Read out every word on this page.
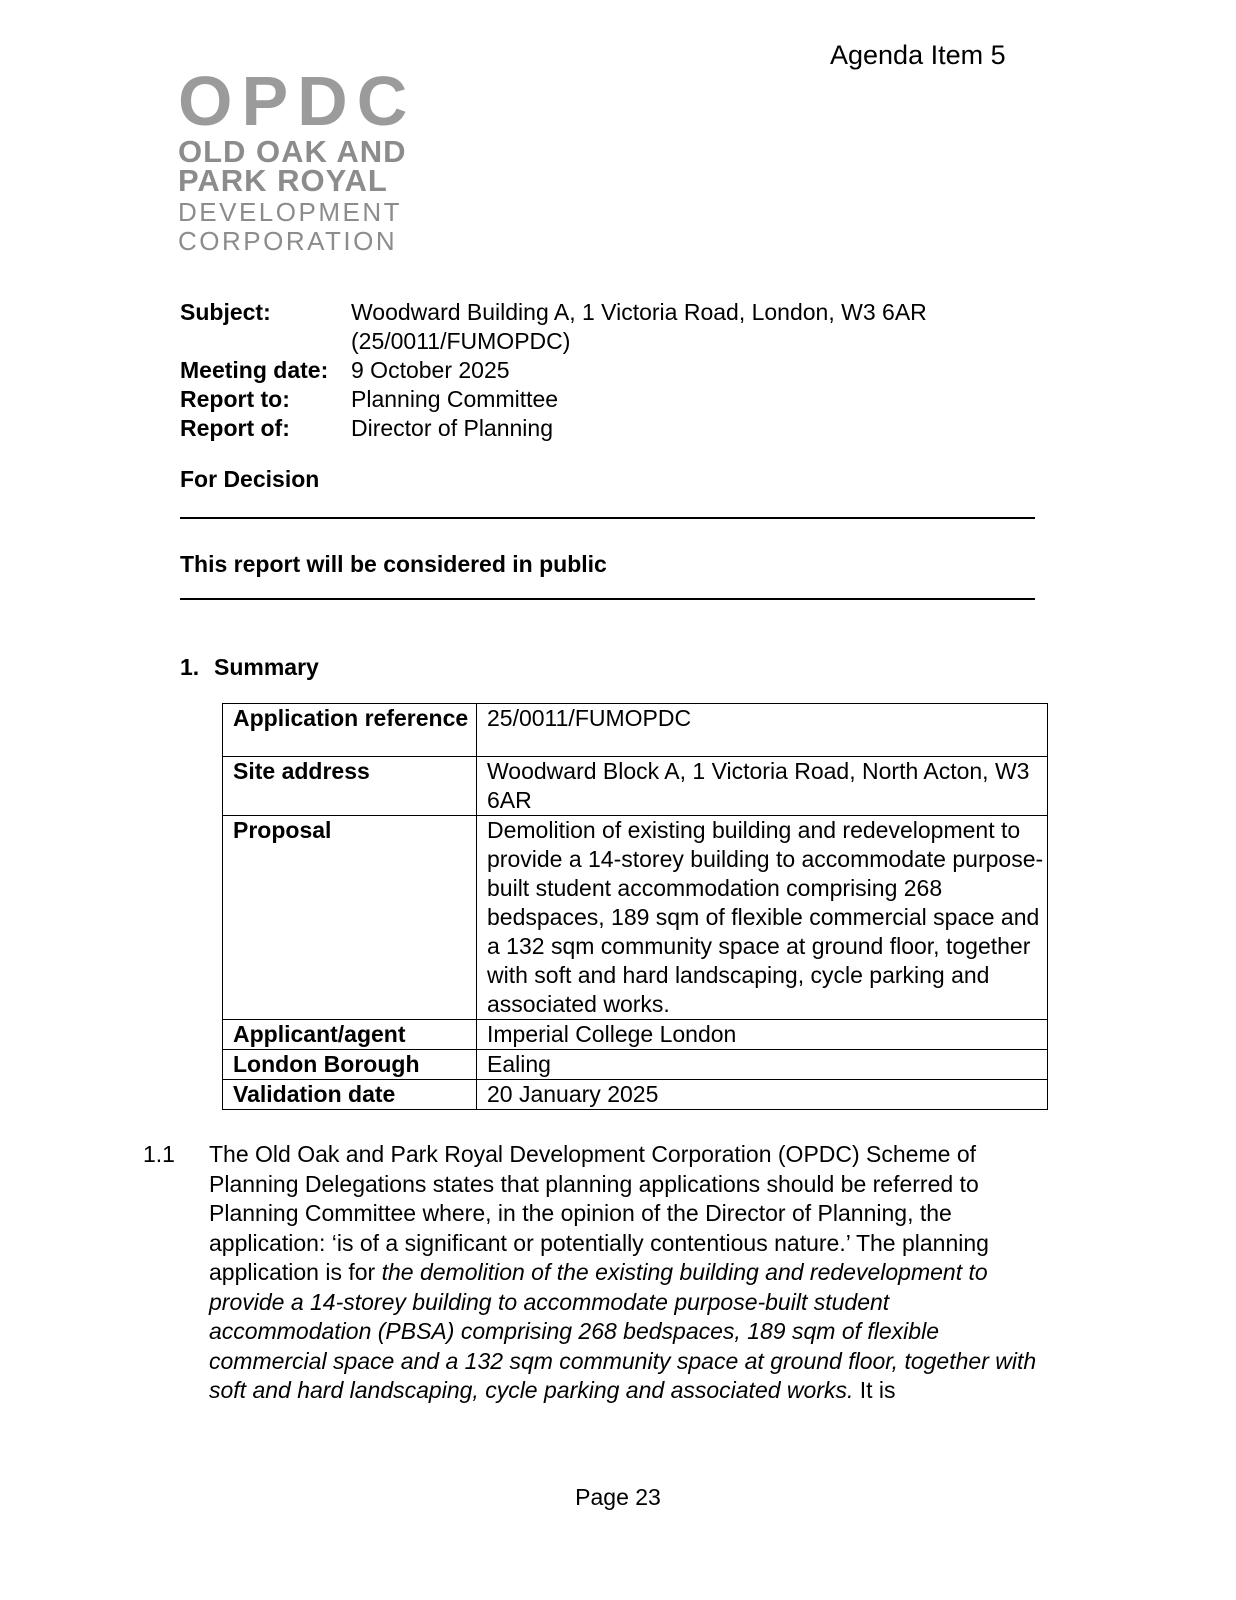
Agenda Item 5
OPDC
OLD OAK AND
PARK ROYAL
DEVELOPMENT
CORPORATION
Subject:	Woodward Building A, 1 Victoria Road, London, W3 6AR
(25/0011/FUMOPDC)
Meeting date: 9 October 2025
Report to:	Planning Committee
Report of:	Director of Planning
For Decision
This report will be considered in public
1. Summary
Application reference	25/0011/FUMOPDC
Site address	Woodward Block A, 1 Victoria Road, North Acton, W3 6AR
Proposal	Demolition of existing building and redevelopment to provide a 14-storey building to accommodate purpose-built student accommodation comprising 268 bedspaces, 189 sqm of flexible commercial space and a 132 sqm community space at ground floor, together with soft and hard landscaping, cycle parking and associated works.
Applicant/agent	Imperial College London
London Borough	Ealing
Validation date	20 January 2025
1.1	The Old Oak and Park Royal Development Corporation (OPDC) Scheme of Planning Delegations states that planning applications should be referred to Planning Committee where, in the opinion of the Director of Planning, the application: ‘is of a significant or potentially contentious nature.’ The planning application is for the demolition of the existing building and redevelopment to provide a 14-storey building to accommodate purpose-built student accommodation (PBSA) comprising 268 bedspaces, 189 sqm of flexible commercial space and a 132 sqm community space at ground floor, together with soft and hard landscaping, cycle parking and associated works. It is
Page 23
